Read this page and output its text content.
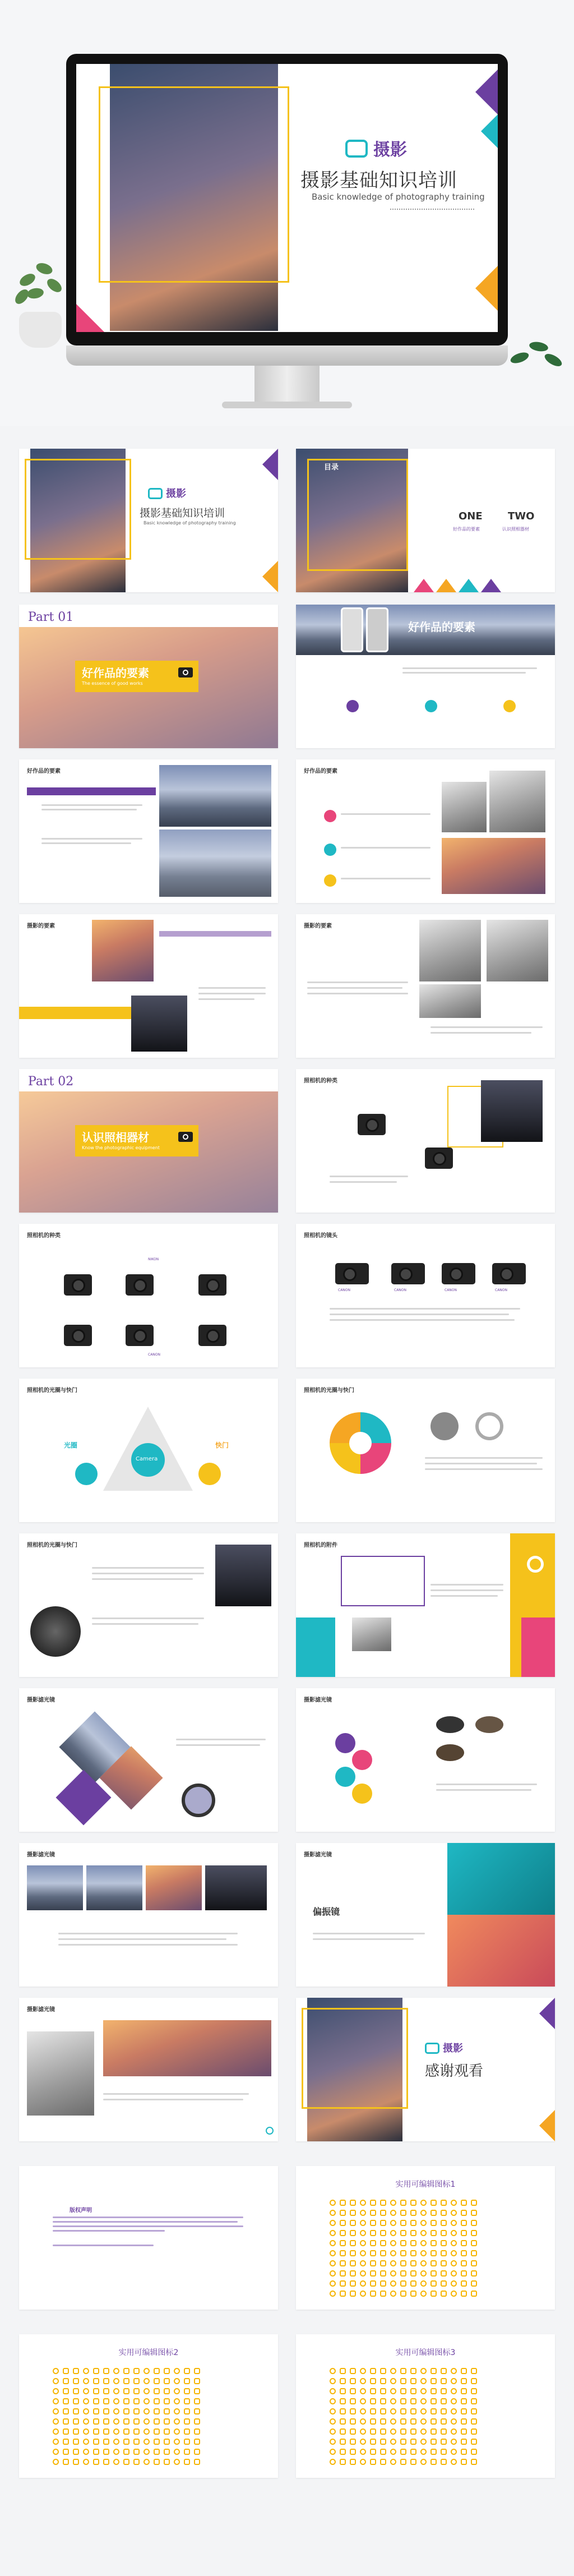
摄影
摄影基础知识培训
Basic knowledge of photography training
摄影
摄影基础知识培训
Basic knowledge of photography training
目录
ONE	TWO
好作品的要素	认识照相器材
Part 01
好作品的要素
The essence of good works
好作品的要素
好作品的要素	好作品的要素
摄影的要素	摄影的要素
Part 02
认识照相器材
Know the photographic equipment
照相机的种类
照相机的种类
NIKON
CANON
照相机的镜头
CANON	CANON	CANON	CANON
照相机的光圈与快门
Camera
光圈	快门
照相机的光圈与快门
照相机的光圈与快门	照相机的附件
摄影滤光镜	摄影滤光镜
摄影滤光镜	摄影滤光镜
偏振镜
摄影滤光镜
摄影
感谢观看
版权声明
实用可编辑图标1
实用可编辑图标2	实用可编辑图标3
